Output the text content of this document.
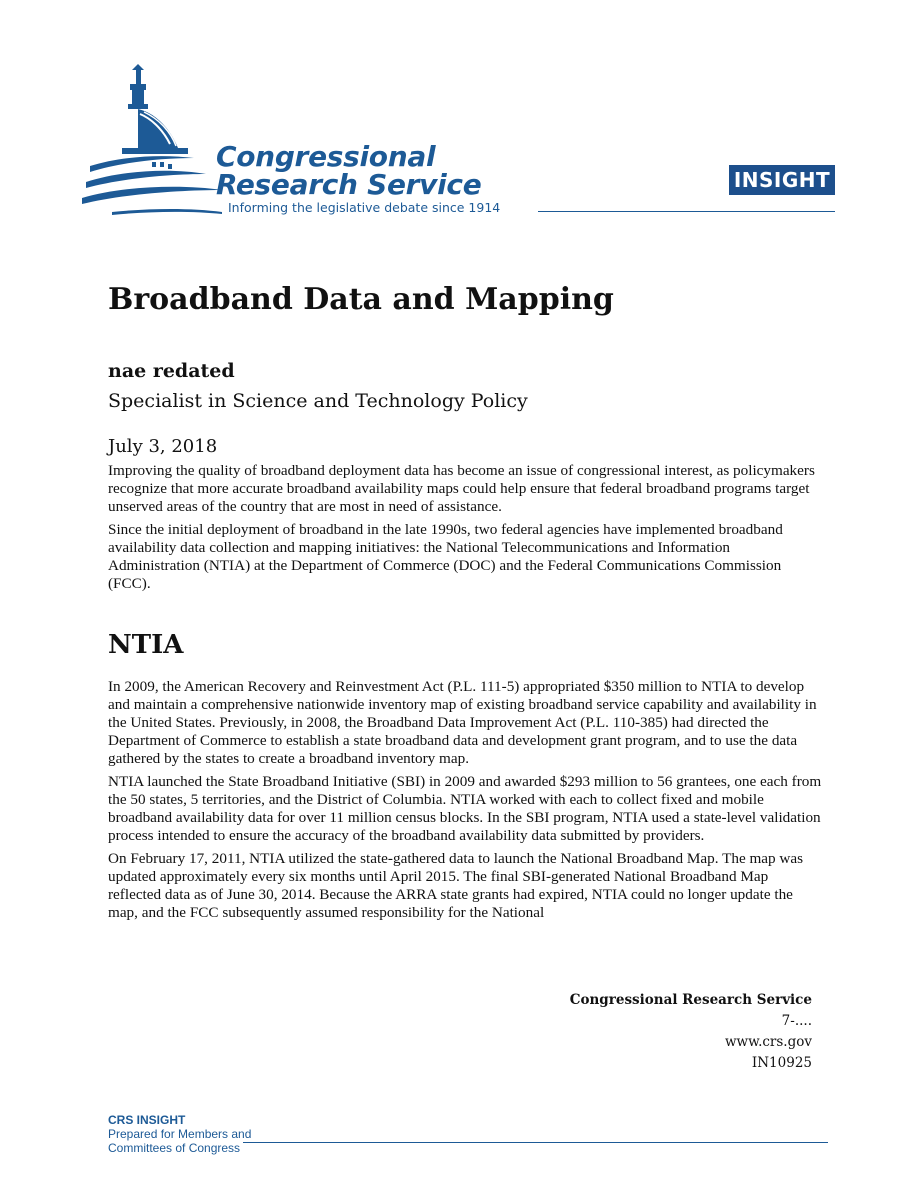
Congressional
Research Service
Informing the legislative debate since 1914
INSIGHT
Broadband Data and Mapping
nae redated
Specialist in Science and Technology Policy
July 3, 2018

Improving the quality of broadband deployment data has become an issue of congressional interest, as policymakers recognize that more accurate broadband availability maps could help ensure that federal broadband programs target unserved areas of the country that are most in need of assistance.

Since the initial deployment of broadband in the late 1990s, two federal agencies have implemented broadband availability data collection and mapping initiatives: the National Telecommunications and Information Administration (NTIA) at the Department of Commerce (DOC) and the Federal Communications Commission (FCC).

NTIA

In 2009, the American Recovery and Reinvestment Act (P.L. 111-5) appropriated $350 million to NTIA to develop and maintain a comprehensive nationwide inventory map of existing broadband service capability and availability in the United States. Previously, in 2008, the Broadband Data Improvement Act (P.L. 110-385) had directed the Department of Commerce to establish a state broadband data and development grant program, and to use the data gathered by the states to create a broadband inventory map.

NTIA launched the State Broadband Initiative (SBI) in 2009 and awarded $293 million to 56 grantees, one each from the 50 states, 5 territories, and the District of Columbia. NTIA worked with each to collect fixed and mobile broadband availability data for over 11 million census blocks. In the SBI program, NTIA used a state-level validation process intended to ensure the accuracy of the broadband availability data submitted by providers.

On February 17, 2011, NTIA utilized the state-gathered data to launch the National Broadband Map. The map was updated approximately every six months until April 2015. The final SBI-generated National Broadband Map reflected data as of June 30, 2014. Because the ARRA state grants had expired, NTIA could no longer update the map, and the FCC subsequently assumed responsibility for the National

Congressional Research Service
7-....
www.crs.gov
IN10925
CRS INSIGHT
Prepared for Members and
Committees of Congress
